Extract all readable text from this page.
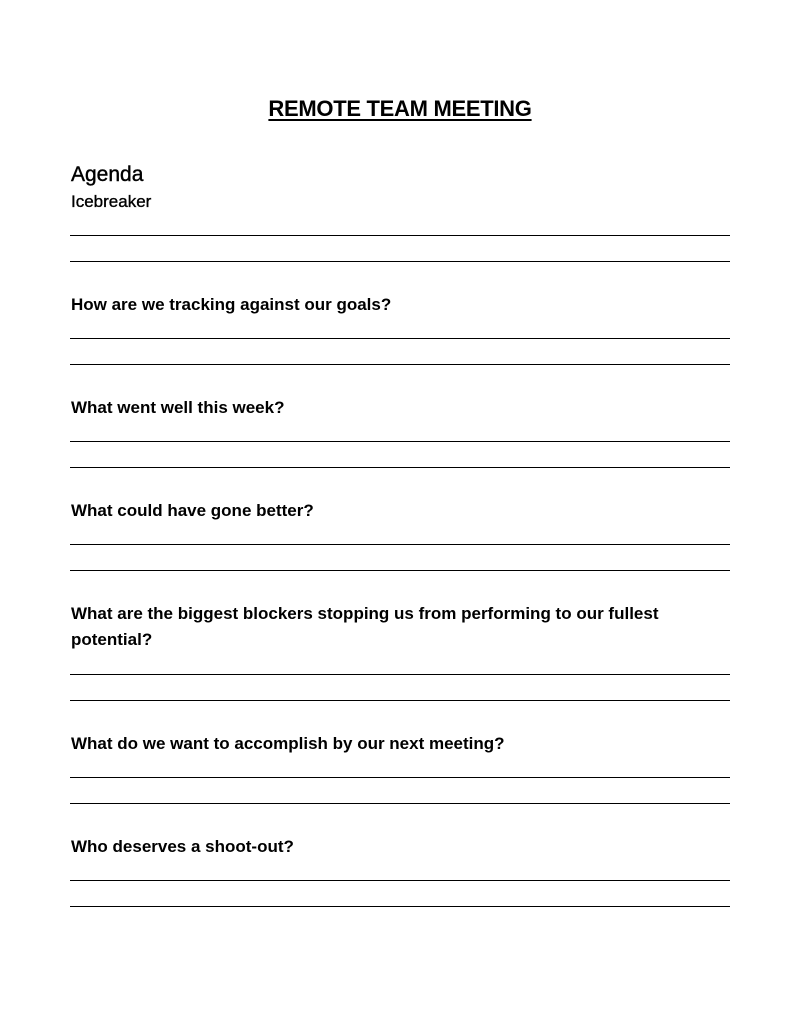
REMOTE TEAM MEETING
Agenda

Icebreaker

How are we tracking against our goals?

What went well this week?

What could have gone better?

What are the biggest blockers stopping us from performing to our fullest potential?

What do we want to accomplish by our next meeting?

Who deserves a shoot-out?
